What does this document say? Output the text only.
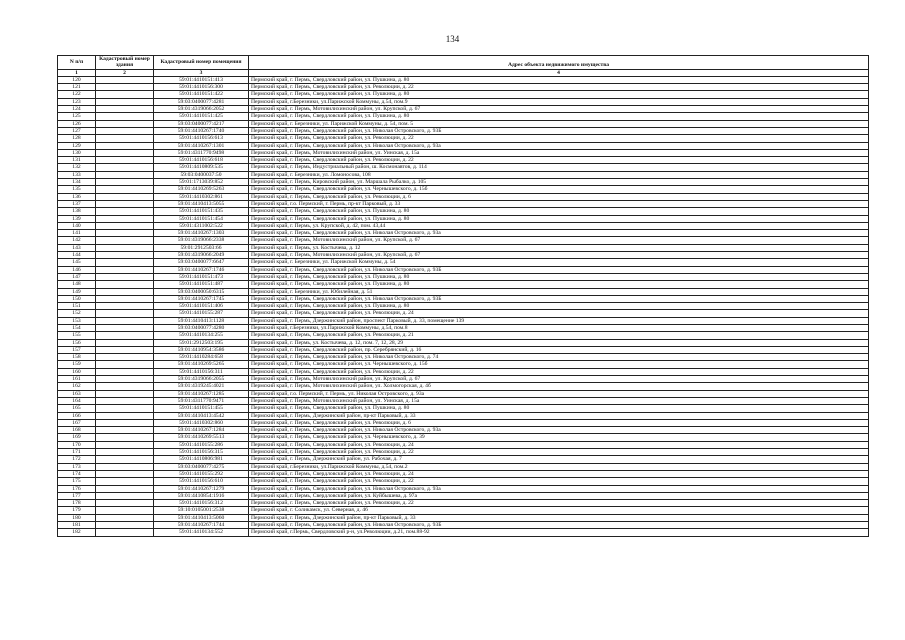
134
N п/п	Кадастровый номер здания	Кадастровый номер помещения	Адрес объекта недвижимого имущества
1	2	3	4
120		59:01:4410151:413	Пермский край, г. Пермь, Свердловский район, ул. Пушкина, д. 80
121		59:01:4410156:300	Пермский край, г. Пермь, Свердловский район, ул. Революции, д. 22
122		59:01:4410151:422	Пермский край, г. Пермь, Свердловский район, ул. Пушкина, д. 80
123		59:03:0400077:4281	Пермский край, г.Березники, ул.Парижской Коммуны, д.54, пом.9
124		59:01:4319066:2052	Пермский край, г. Пермь, Мотовилихинский район, ул. Крупской, д. 67
125		59:01:4410151:425	Пермский край, г. Пермь, Свердловский район, ул. Пушкина, д. 80
126		59:03:0400077:4217	Пермский край, г. Березники, ул. Парижской Коммуны, д. 54, пом. 5
127		59:01:4410267:1740	Пермский край, г. Пермь, Свердловский район, ул. Николая Островского, д. 93Б
128		59:01:4410156:613	Пермский край, г. Пермь, Свердловский район, ул. Революции, д. 22
129		59:01:4410267:1301	Пермский край, г. Пермь, Свердловский район, ул. Николая Островского, д. 93а
130		59:01:4311770:9498	Пермский край, г. Пермь, Мотовилихинский район, ул. Уинская, д. 15а
131		59:01:4410156:618	Пермский край, г. Пермь, Свердловский район, ул. Революции, д. 22
132		59:01:4410809:535	Пермский край, г. Пермь, Индустриальный район, ш. Космонавтов, д. 114
133		59:03:0400037:50	Пермский край, г. Березники, ул. Ломоносова, 108
134		59:01:1713039:852	Пермский край, г. Пермь, Кировский район, ул. Маршала Рыбалко, д. 105
135		59:01:4410269:5263	Пермский край, г. Пермь, Свердловский район, ул. Чернышевского, д. 15б
136		59:01:4410302:861	Пермский край, г. Пермь, Свердловский район, ул. Революции, д. 6
137		59:01:4410413:5055	Пермский край, г.о. Пермский, г. Пермь, пр-кт Парковый, д. 33
138		59:01:4410151:435	Пермский край, г. Пермь, Свердловский район, ул. Пушкина, д. 80
139		59:01:4410151:454	Пермский край, г. Пермь, Свердловский район, ул. Пушкина, д. 80
140		59:01:4311002:522	Пермский край, г. Пермь, ул. Крупской, д. 42, пом. 43,44
141		59:01:4410267:1303	Пермский край, г. Пермь, Свердловский район, ул. Николая Островского, д. 93а
142		59:01:4319066:2338	Пермский край, г. Пермь, Мотовилихинский район, ул. Крупской, д. 67
143		59:01:2912503:66	Пермский край, г. Пермь, ул. Костычева, д. 12
144		59:01:4319066:2049	Пермский край, г. Пермь, Мотовилихинский район, ул. Крупской, д. 67
145		59:03:0400077:6647	Пермский край, г. Березники, ул. Парижской Коммуны, д. 54
146		59:01:4410267:1746	Пермский край, г. Пермь, Свердловский район, ул. Николая Островского, д. 93Б
147		59:01:4410151:473	Пермский край, г. Пермь, Свердловский район, ул. Пушкина, д. 80
148		59:01:4410151:487	Пермский край, г. Пермь, Свердловский район, ул. Пушкина, д. 80
149		59:03:0400050:6315	Пермский край, г. Березники, ул. Юбилейная, д. 51
150		59:01:4410267:1745	Пермский край, г. Пермь, Свердловский район, ул. Николая Островского, д. 93Б
151		59:01:4410151:406	Пермский край, г. Пермь, Свердловский район, ул. Пушкина, д. 80
152		59:01:4410155:287	Пермский край, г. Пермь, Свердловский район, ул. Революции, д. 24
153		59:01:4410413:1128	Пермский край, г. Пермь, Дзержинский район, проспект Парковый, д. 33, помещение 139
154		59:03:0400077:4280	Пермский край, г.Березники, ул.Парижской Коммуны, д.54, пом.8
155		59:01:4410134:255	Пермский край, г. Пермь, Свердловский район, ул. Революции, д. 21
156		59:01:2912503:195	Пермский край, г. Пермь, ул. Костычева, д. 12, пом. 7, 12, 28, 29
157		59:01:4410954:3586	Пермский край, г. Пермь, Свердловский район, пр. Серебрянский, д. 16
158		59:01:4410284:658	Пермский край, г. Пермь, Свердловский район, ул. Николая Островского, д. 74
159		59:01:4410269:5265	Пермский край, г. Пермь, Свердловский район, ул. Чернышевского, д. 15б
160		59:01:4410156:311	Пермский край, г. Пермь, Свердловский район, ул. Революции, д. 22
161		59:01:4319066:2055	Пермский край, г. Пермь, Мотовилихинский район, ул. Крупской, д. 67
162		59:01:4319245:4021	Пермский край, г. Пермь, Мотовилихинский район, ул. Холмогорская, д. 4б
163		59:01:4410267:1285	Пермский край, г.о. Пермский, г. Пермь, ул. Николая Островского, д. 93а
164		59:01:4311770:9471	Пермский край, г. Пермь, Мотовилихинский район, ул. Уинская, д. 15а
165		59:01:4410151:455	Пермский край, г. Пермь, Свердловский район, ул. Пушкина, д. 80
166		59:01:4410413:4542	Пермский край, г. Пермь, Дзержинский район, пр-кт Парковый, д. 33
167		59:01:4410302:860	Пермский край, г. Пермь, Свердловский район, ул. Революции, д. 6
168		59:01:4410267:1284	Пермский край, г. Пермь, Свердловский район, ул. Николая Островского, д. 93а
169		59:01:4410269:5513	Пермский край, г. Пермь, Свердловский район, ул. Чернышевского, д. 39
170		59:01:4410155:286	Пермский край, г. Пермь, Свердловский район, ул. Революции, д. 24
171		59:01:4410156:315	Пермский край, г. Пермь, Свердловский район, ул. Революции, д. 22
172		59:01:4410806:981	Пермский край, г. Пермь, Дзержинский район, ул. Рабочая, д. 7
173		59:03:0400077:4275	Пермский край, г.Березники, ул.Парижской Коммуны, д.54, пом.2
174		59:01:4410155:292	Пермский край, г. Пермь, Свердловский район, ул. Революции, д. 24
175		59:01:4410156:610	Пермский край, г. Пермь, Свердловский район, ул. Революции, д. 22
176		59:01:4410267:1279	Пермский край, г. Пермь, Свердловский район, ул. Николая Островского, д. 93а
177		59:01:4410854:1916	Пермский край, г. Пермь, Свердловский район, ул. Куйбышева, д. 97а
178		59:01:4410156:312	Пермский край, г. Пермь, Свердловский район, ул. Революции, д. 22
179		59:10:0105001:2538	Пермский край, г. Соликамск, ул. Северная, д. 46
180		59:01:4410413:5060	Пермский край, г. Пермь, Дзержинский район, пр-кт Парковый, д. 33
181		59:01:4410267:1744	Пермский край, г. Пермь, Свердловский район, ул. Николая Островского, д. 93Б
182		59:01:4410134:552	Пермский край, г.Пермь, Свердловский р-н, ул.Революции, д.21, пом.88-92
